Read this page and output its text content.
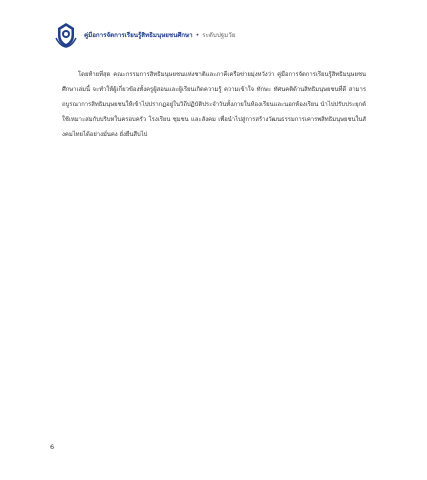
คู่มือการจัดการเรียนรู้สิทธิมนุษยชนศึกษา • ระดับปฐมวัย

โดยท้ายที่สุด คณะกรรมการสิทธิมนุษยชนแห่งชาติและภาคีเครือข่ายมุ่งหวังว่า คู่มือการจัดการเรียนรู้สิทธิมนุษยชนศึกษาเล่มนี้ จะทำให้ผู้เกี่ยวข้องทั้งครูผู้สอนและผู้เรียนเกิดความรู้ ความเข้าใจ ทักษะ ทัศนคติด้านสิทธิมนุษยชนที่ดี สามารถบูรณาการสิทธิมนุษยชนให้เข้าไปปรากฏอยู่ในวิถีปฏิบัติประจำวันทั้งภายในห้องเรียนและนอกห้องเรียน นำไปปรับประยุกต์ใช้เหมาะสมกับบริบทในครอบครัว โรงเรียน ชุมชน และสังคม เพื่อนำไปสู่การสร้างวัฒนธรรมการเคารพสิทธิมนุษยชนในสังคมไทยได้อย่างมั่นคง ยั่งยืนสืบไป

6
